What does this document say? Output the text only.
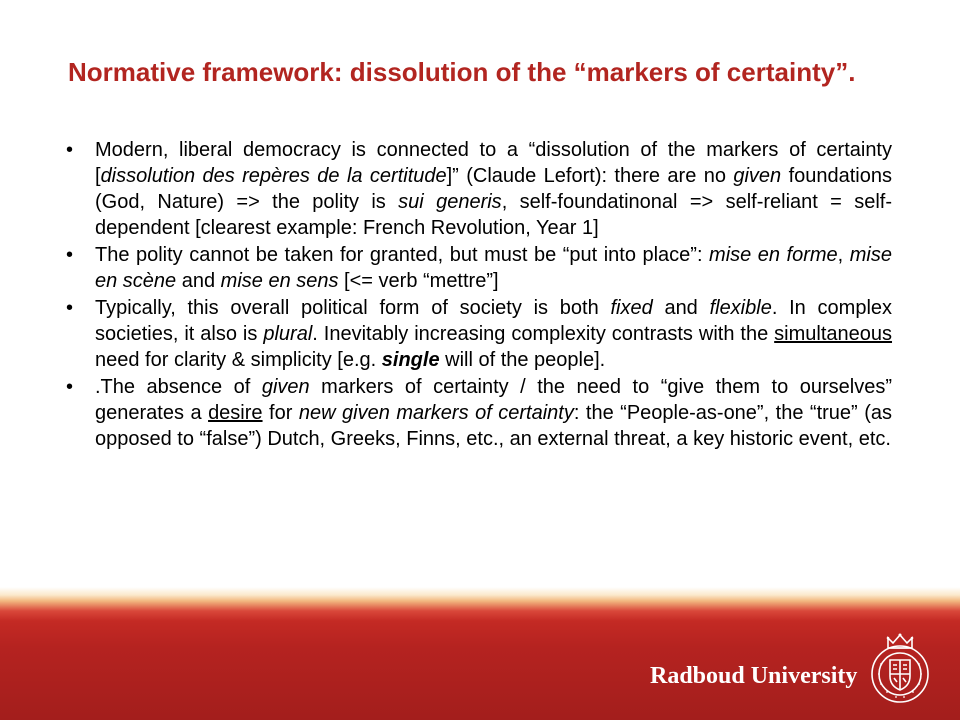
Normative framework: dissolution of the “markers of certainty”.
• Modern, liberal democracy is connected to a “dissolution of the markers of certainty [dissolution des repères de la certitude]” (Claude Lefort): there are no given foundations (God, Nature) => the polity is sui generis, self-foundatinonal => self-reliant = self-dependent [clearest example: French Revolution, Year 1]
• The polity cannot be taken for granted, but must be “put into place”: mise en forme, mise en scène and mise en sens [<= verb “mettre”]
• Typically, this overall political form of society is both fixed and flexible. In complex societies, it also is plural. Inevitably increasing complexity contrasts with the simultaneous need for clarity & simplicity [e.g. single will of the people].
• .The absence of given markers of certainty / the need to “give them to ourselves” generates a desire for new given markers of certainty: the “People-as-one”, the “true” (as opposed to “false”) Dutch, Greeks, Finns, etc., an external threat, a key historic event, etc.
Radboud University
